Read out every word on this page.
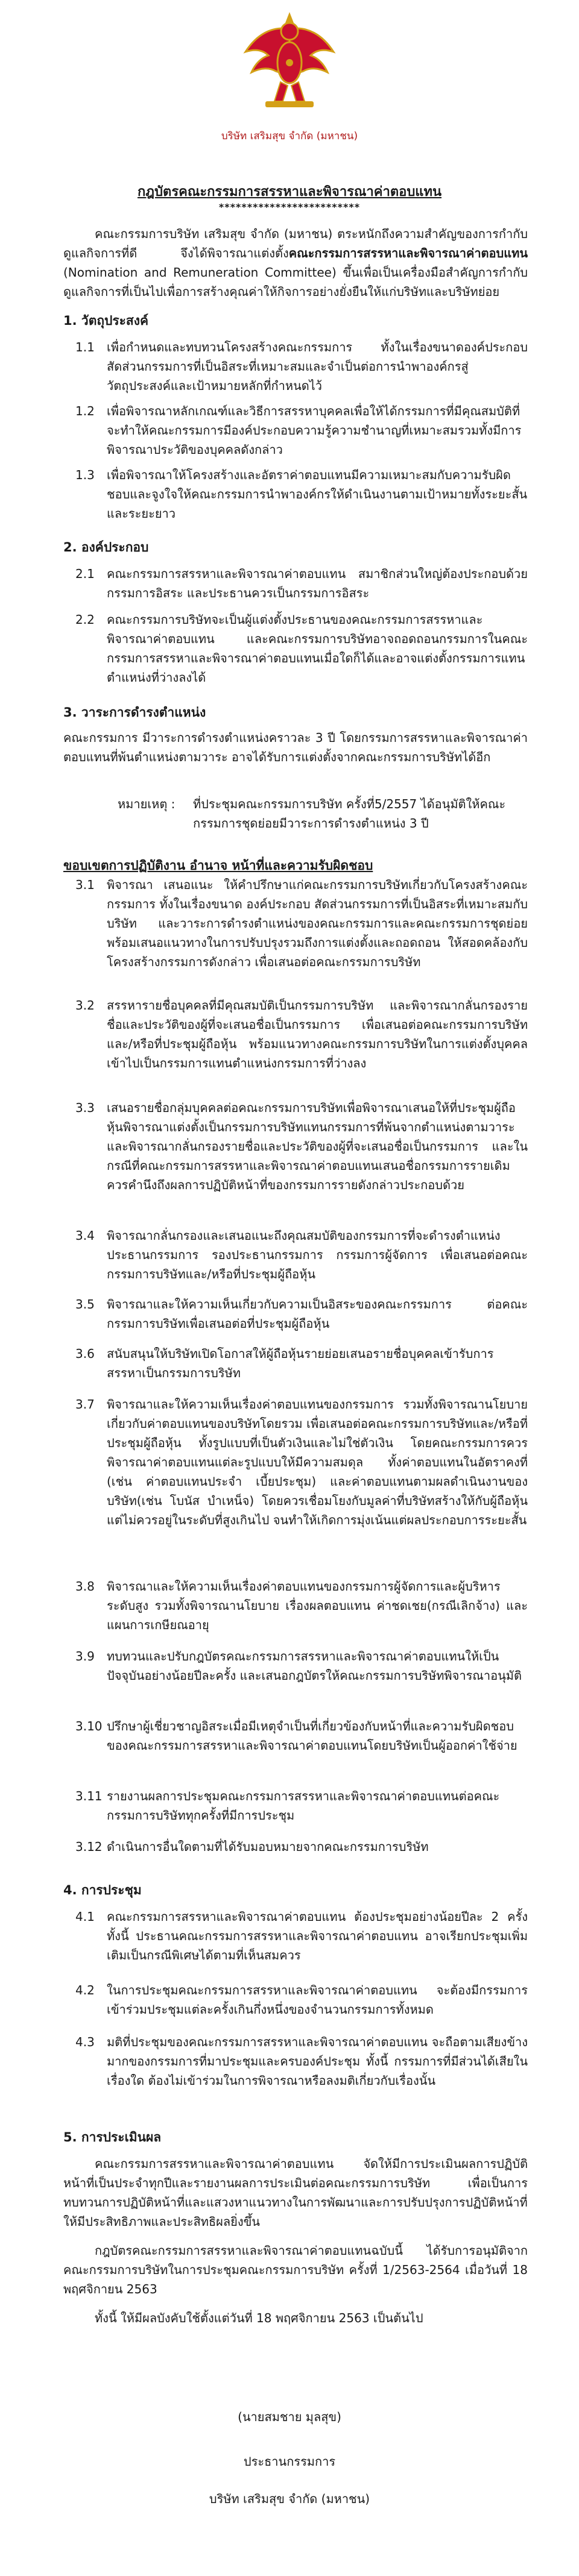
บริษัท เสริมสุข จำกัด (มหาชน)
กฎบัตรคณะกรรมการสรรหาและพิจารณาค่าตอบแทน
*************************

คณะกรรมการบริษัท เสริมสุข จำกัด (มหาชน) ตระหนักถึงความสำคัญของการกำกับดูแลกิจการที่ดี จึงได้พิจารณาแต่งตั้งคณะกรรมการสรรหาและพิจารณาค่าตอบแทน (Nomination and Remuneration Committee) ขึ้นเพื่อเป็นเครื่องมือสำคัญการกำกับดูแลกิจการที่เป็นไปเพื่อการสร้างคุณค่าให้กิจการอย่างยั่งยืนให้แก่บริษัทและบริษัทย่อย

1. วัตถุประสงค์
1.1 เพื่อกำหนดและทบทวนโครงสร้างคณะกรรมการ ทั้งในเรื่องขนาดองค์ประกอบ สัดส่วนกรรมการที่เป็นอิสระที่เหมาะสมและจำเป็นต่อการนำพาองค์กรสู่วัตถุประสงค์และเป้าหมายหลักที่กำหนดไว้
1.2 เพื่อพิจารณาหลักเกณฑ์และวิธีการสรรหาบุคคลเพื่อให้ได้กรรมการที่มีคุณสมบัติที่จะทำให้คณะกรรมการมีองค์ประกอบความรู้ความชำนาญที่เหมาะสมรวมทั้งมีการพิจารณาประวัติของบุคคลดังกล่าว
1.3 เพื่อพิจารณาให้โครงสร้างและอัตราค่าตอบแทนมีความเหมาะสมกับความรับผิดชอบและจูงใจให้คณะกรรมการนำพาองค์กรให้ดำเนินงานตามเป้าหมายทั้งระยะสั้นและระยะยาว
2. องค์ประกอบ
2.1 คณะกรรมการสรรหาและพิจารณาค่าตอบแทน สมาชิกส่วนใหญ่ต้องประกอบด้วยกรรมการอิสระ และประธานควรเป็นกรรมการอิสระ
2.2 คณะกรรมการบริษัทจะเป็นผู้แต่งตั้งประธานของคณะกรรมการสรรหาและพิจารณาค่าตอบแทน และคณะกรรมการบริษัทอาจถอดถอนกรรมการในคณะกรรมการสรรหาและพิจารณาค่าตอบแทนเมื่อใดก็ได้และอาจแต่งตั้งกรรมการแทนตำแหน่งที่ว่างลงได้
3. วาระการดำรงตำแหน่ง

คณะกรรมการ มีวาระการดำรงตำแหน่งคราวละ 3 ปี โดยกรรมการสรรหาและพิจารณาค่าตอบแทนที่พ้นตำแหน่งตามวาระ อาจได้รับการแต่งตั้งจากคณะกรรมการบริษัทได้อีก

หมายเหตุ : ที่ประชุมคณะกรรมการบริษัท ครั้งที่5/2557 ได้อนุมัติให้คณะกรรมการชุดย่อยมีวาระการดำรงตำแหน่ง 3 ปี
ขอบเขตการปฏิบัติงาน อำนาจ หน้าที่และความรับผิดชอบ
3.1 พิจารณา เสนอแนะ ให้คำปรึกษาแก่คณะกรรมการบริษัทเกี่ยวกับโครงสร้างคณะกรรมการ ทั้งในเรื่องขนาด องค์ประกอบ สัดส่วนกรรมการที่เป็นอิสระที่เหมาะสมกับบริษัท และวาระการดำรงตำแหน่งของคณะกรรมการและคณะกรรมการชุดย่อย พร้อมเสนอแนวทางในการปรับปรุงรวมถึงการแต่งตั้งและถอดถอน ให้สอดคล้องกับโครงสร้างกรรมการดังกล่าว เพื่อเสนอต่อคณะกรรมการบริษัท
3.2 สรรหารายชื่อบุคคลที่มีคุณสมบัติเป็นกรรมการบริษัท และพิจารณากลั่นกรองรายชื่อและประวัติของผู้ที่จะเสนอชื่อเป็นกรรมการ เพื่อเสนอต่อคณะกรรมการบริษัทและ/หรือที่ประชุมผู้ถือหุ้น พร้อมแนวทางคณะกรรมการบริษัทในการแต่งตั้งบุคคลเข้าไปเป็นกรรมการแทนตำแหน่งกรรมการที่ว่างลง
3.3 เสนอรายชื่อกลุ่มบุคคลต่อคณะกรรมการบริษัทเพื่อพิจารณาเสนอให้ที่ประชุมผู้ถือหุ้นพิจารณาแต่งตั้งเป็นกรรมการบริษัทแทนกรรมการที่พ้นจากตำแหน่งตามวาระ และพิจารณากลั่นกรองรายชื่อและประวัติของผู้ที่จะเสนอชื่อเป็นกรรมการ และในกรณีที่คณะกรรมการสรรหาและพิจารณาค่าตอบแทนเสนอชื่อกรรมการรายเดิม ควรคำนึงถึงผลการปฏิบัติหน้าที่ของกรรมการรายดังกล่าวประกอบด้วย
3.4 พิจารณากลั่นกรองและเสนอแนะถึงคุณสมบัติของกรรมการที่จะดำรงตำแหน่งประธานกรรมการ รองประธานกรรมการ กรรมการผู้จัดการ เพื่อเสนอต่อคณะกรรมการบริษัทและ/หรือที่ประชุมผู้ถือหุ้น
3.5 พิจารณาและให้ความเห็นเกี่ยวกับความเป็นอิสระของคณะกรรมการ ต่อคณะกรรมการบริษัทเพื่อเสนอต่อที่ประชุมผู้ถือหุ้น
3.6 สนับสนุนให้บริษัทเปิดโอกาสให้ผู้ถือหุ้นรายย่อยเสนอรายชื่อบุคคลเข้ารับการสรรหาเป็นกรรมการบริษัท
3.7 พิจารณาและให้ความเห็นเรื่องค่าตอบแทนของกรรมการ รวมทั้งพิจารณานโยบายเกี่ยวกับค่าตอบแทนของบริษัทโดยรวม เพื่อเสนอต่อคณะกรรมการบริษัทและ/หรือที่ประชุมผู้ถือหุ้น ทั้งรูปแบบที่เป็นตัวเงินและไม่ใช่ตัวเงิน โดยคณะกรรมการควรพิจารณาค่าตอบแทนแต่ละรูปแบบให้มีความสมดุล ทั้งค่าตอบแทนในอัตราคงที่ (เช่น ค่าตอบแทนประจำ เบี้ยประชุม) และค่าตอบแทนตามผลดำเนินงานของบริษัท(เช่น โบนัส บำเหน็จ) โดยควรเชื่อมโยงกับมูลค่าที่บริษัทสร้างให้กับผู้ถือหุ้น แต่ไม่ควรอยู่ในระดับที่สูงเกินไป จนทำให้เกิดการมุ่งเน้นแต่ผลประกอบการระยะสั้น
3.8 พิจารณาและให้ความเห็นเรื่องค่าตอบแทนของกรรมการผู้จัดการและผู้บริหารระดับสูง รวมทั้งพิจารณานโยบาย เรื่องผลตอบแทน ค่าชดเชย(กรณีเลิกจ้าง) และแผนการเกษียณอายุ
3.9 ทบทวนและปรับกฎบัตรคณะกรรมการสรรหาและพิจารณาค่าตอบแทนให้เป็นปัจจุบันอย่างน้อยปีละครั้ง และเสนอกฎบัตรให้คณะกรรมการบริษัทพิจารณาอนุมัติ
3.10 ปรึกษาผู้เชี่ยวชาญอิสระเมื่อมีเหตุจำเป็นที่เกี่ยวข้องกับหน้าที่และความรับผิดชอบของคณะกรรมการสรรหาและพิจารณาค่าตอบแทนโดยบริษัทเป็นผู้ออกค่าใช้จ่าย
3.11 รายงานผลการประชุมคณะกรรมการสรรหาและพิจารณาค่าตอบแทนต่อคณะกรรมการบริษัททุกครั้งที่มีการประชุม
3.12 ดำเนินการอื่นใดตามที่ได้รับมอบหมายจากคณะกรรมการบริษัท
4. การประชุม
4.1 คณะกรรมการสรรหาและพิจารณาค่าตอบแทน ต้องประชุมอย่างน้อยปีละ 2 ครั้ง ทั้งนี้ ประธานคณะกรรมการสรรหาและพิจารณาค่าตอบแทน อาจเรียกประชุมเพิ่มเติมเป็นกรณีพิเศษได้ตามที่เห็นสมควร
4.2 ในการประชุมคณะกรรมการสรรหาและพิจารณาค่าตอบแทน จะต้องมีกรรมการเข้าร่วมประชุมแต่ละครั้งเกินกึ่งหนึ่งของจำนวนกรรมการทั้งหมด
4.3 มติที่ประชุมของคณะกรรมการสรรหาและพิจารณาค่าตอบแทน จะถือตามเสียงข้างมากของกรรมการที่มาประชุมและครบองค์ประชุม ทั้งนี้ กรรมการที่มีส่วนได้เสียในเรื่องใด ต้องไม่เข้าร่วมในการพิจารณาหรือลงมติเกี่ยวกับเรื่องนั้น
5. การประเมินผล

คณะกรรมการสรรหาและพิจารณาค่าตอบแทน จัดให้มีการประเมินผลการปฏิบัติหน้าที่เป็นประจำทุกปีและรายงานผลการประเมินต่อคณะกรรมการบริษัท เพื่อเป็นการทบทวนการปฏิบัติหน้าที่และแสวงหาแนวทางในการพัฒนาและการปรับปรุงการปฏิบัติหน้าที่ให้มีประสิทธิภาพและประสิทธิผลยิ่งขึ้น

กฎบัตรคณะกรรมการสรรหาและพิจารณาค่าตอบแทนฉบับนี้ ได้รับการอนุมัติจากคณะกรรมการบริษัทในการประชุมคณะกรรมการบริษัท ครั้งที่ 1/2563-2564 เมื่อวันที่ 18 พฤศจิกายน 2563

ทั้งนี้ ให้มีผลบังคับใช้ตั้งแต่วันที่ 18 พฤศจิกายน 2563 เป็นต้นไป

(นายสมชาย มุลสุข)
ประธานกรรมการ
บริษัท เสริมสุข จำกัด (มหาชน)
